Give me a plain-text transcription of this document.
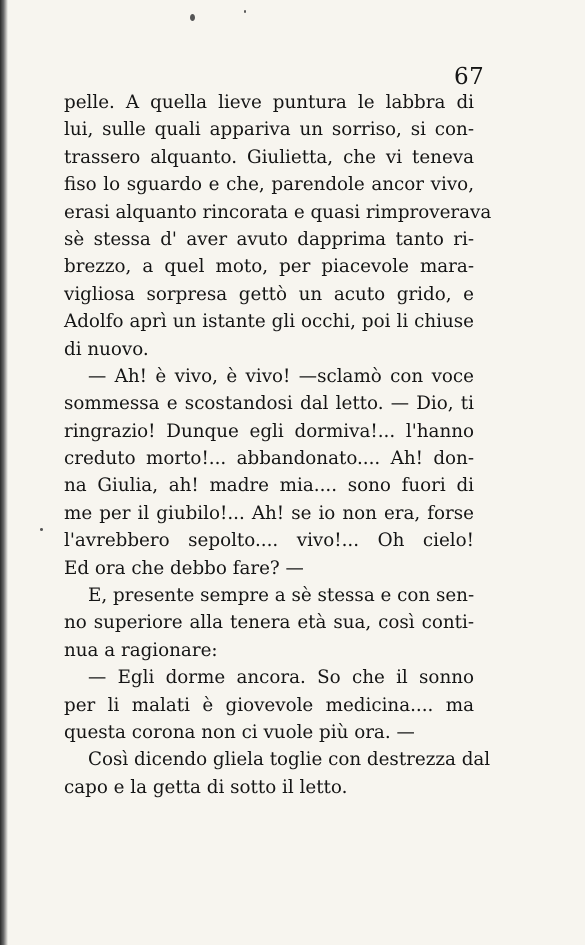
67
pelle. A quella lieve puntura le labbra di
lui, sulle quali appariva un sorriso, si con-
trassero alquanto. Giulietta, che vi teneva
fiso lo sguardo e che, parendole ancor vivo,
erasi alquanto rincorata e quasi rimproverava
sè stessa d' aver avuto dapprima tanto ri-
brezzo, a quel moto, per piacevole mara-
vigliosa sorpresa gettò un acuto grido, e
Adolfo aprì un istante gli occhi, poi li chiuse
di nuovo.
— Ah! è vivo, è vivo! —sclamò con voce
sommessa e scostandosi dal letto. — Dio, ti
ringrazio! Dunque egli dormiva!... l'hanno
creduto morto!... abbandonato.... Ah! don-
na Giulia, ah! madre mia.... sono fuori di
me per il giubilo!... Ah! se io non era, forse
l'avrebbero sepolto.... vivo!... Oh cielo!
Ed ora che debbo fare? —
E, presente sempre a sè stessa e con sen-
no superiore alla tenera età sua, così conti-
nua a ragionare:
— Egli dorme ancora. So che il sonno
per li malati è giovevole medicina.... ma
questa corona non ci vuole più ora. —
Così dicendo gliela toglie con destrezza dal
capo e la getta di sotto il letto.
